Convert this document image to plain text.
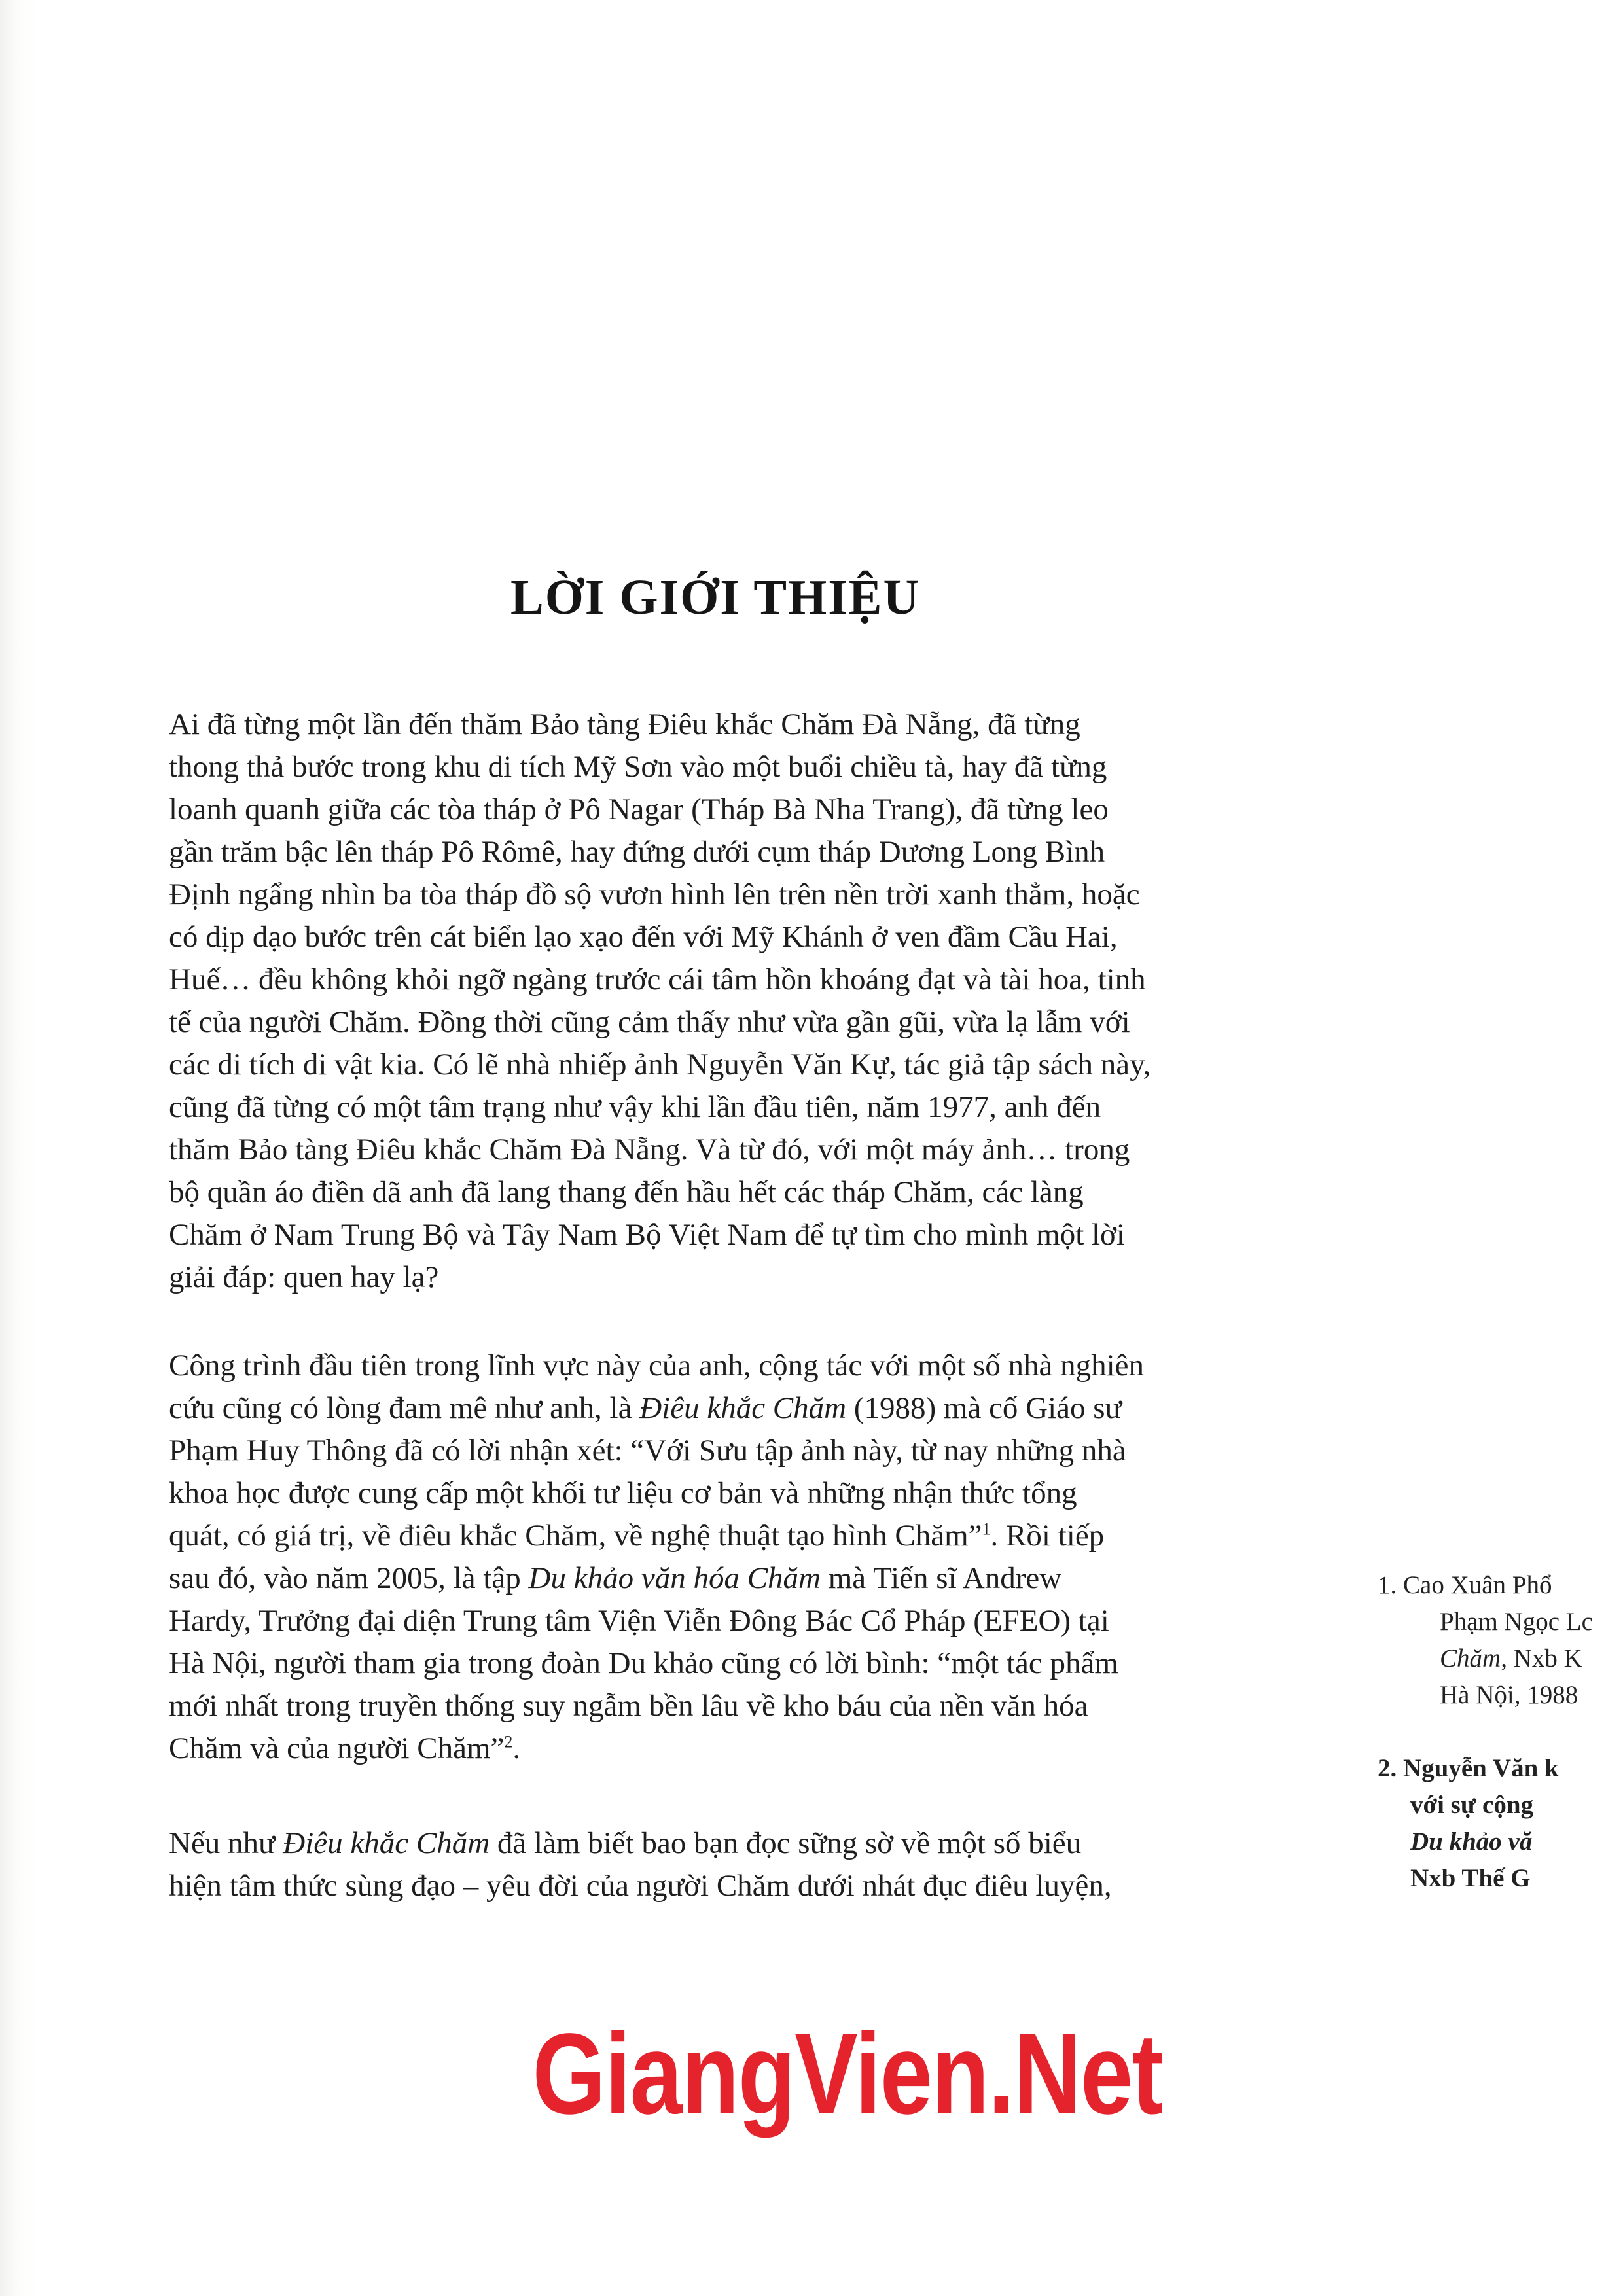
LỜI GIỚI THIỆU
Ai đã từng một lần đến thăm Bảo tàng Điêu khắc Chăm Đà Nẵng, đã từng
thong thả bước trong khu di tích Mỹ Sơn vào một buổi chiều tà, hay đã từng
loanh quanh giữa các tòa tháp ở Pô Nagar (Tháp Bà Nha Trang), đã từng leo
gần trăm bậc lên tháp Pô Rômê, hay đứng dưới cụm tháp Dương Long Bình
Định ngẩng nhìn ba tòa tháp đồ sộ vươn hình lên trên nền trời xanh thẳm, hoặc
có dịp dạo bước trên cát biển lạo xạo đến với Mỹ Khánh ở ven đầm Cầu Hai,
Huế… đều không khỏi ngỡ ngàng trước cái tâm hồn khoáng đạt và tài hoa, tinh
tế của người Chăm. Đồng thời cũng cảm thấy như vừa gần gũi, vừa lạ lẫm với
các di tích di vật kia. Có lẽ nhà nhiếp ảnh Nguyễn Văn Kự, tác giả tập sách này,
cũng đã từng có một tâm trạng như vậy khi lần đầu tiên, năm 1977, anh đến
thăm Bảo tàng Điêu khắc Chăm Đà Nẵng. Và từ đó, với một máy ảnh… trong
bộ quần áo điền dã anh đã lang thang đến hầu hết các tháp Chăm, các làng
Chăm ở Nam Trung Bộ và Tây Nam Bộ Việt Nam để tự tìm cho mình một lời
giải đáp: quen hay lạ?
Công trình đầu tiên trong lĩnh vực này của anh, cộng tác với một số nhà nghiên
cứu cũng có lòng đam mê như anh, là Điêu khắc Chăm (1988) mà cố Giáo sư
Phạm Huy Thông đã có lời nhận xét: “Với Sưu tập ảnh này, từ nay những nhà
khoa học được cung cấp một khối tư liệu cơ bản và những nhận thức tổng
quát, có giá trị, về điêu khắc Chăm, về nghệ thuật tạo hình Chăm”$^1$. Rồi tiếp
sau đó, vào năm 2005, là tập Du khảo văn hóa Chăm mà Tiến sĩ Andrew
Hardy, Trưởng đại diện Trung tâm Viện Viễn Đông Bác Cổ Pháp (EFEO) tại
Hà Nội, người tham gia trong đoàn Du khảo cũng có lời bình: “một tác phẩm
mới nhất trong truyền thống suy ngẫm bền lâu về kho báu của nền văn hóa
Chăm và của người Chăm”$^2$.
Nếu như Điêu khắc Chăm đã làm biết bao bạn đọc sững sờ về một số biểu
hiện tâm thức sùng đạo – yêu đời của người Chăm dưới nhát đục điêu luyện,
1. Cao Xuân Phổ
Phạm Ngọc Lc
Chăm, Nxb K
Hà Nội, 1988
2. Nguyễn Văn k
với sự cộng
Du khảo vă
Nxb Thế G
GiangVien.Net
